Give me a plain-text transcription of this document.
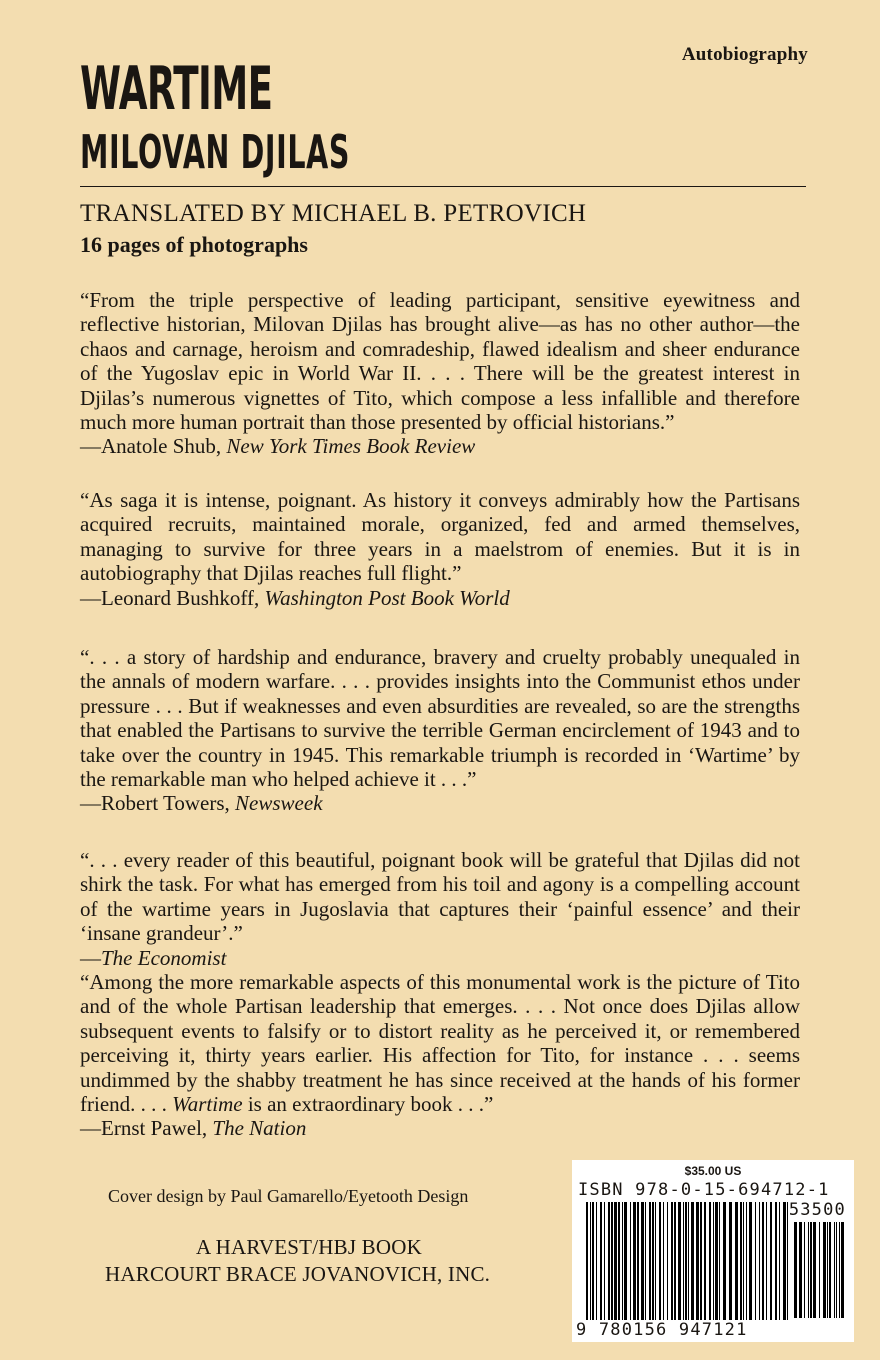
Autobiography
WARTIME
MILOVAN DJILAS
TRANSLATED BY MICHAEL B. PETROVICH
16 pages of photographs
“From the triple perspective of leading participant, sensitive eyewitness and reflective historian, Milovan Djilas has brought alive—as has no other author—the chaos and carnage, heroism and comradeship, flawed idealism and sheer endurance of the Yugoslav epic in World War II. . . . There will be the greatest interest in Djilas’s numerous vignettes of Tito, which compose a less infallible and therefore much more human portrait than those presented by official historians.”
—Anatole Shub, New York Times Book Review
“As saga it is intense, poignant. As history it conveys admirably how the Partisans acquired recruits, maintained morale, organized, fed and armed themselves, managing to survive for three years in a maelstrom of enemies. But it is in autobiography that Djilas reaches full flight.”
—Leonard Bushkoff, Washington Post Book World
“. . . a story of hardship and endurance, bravery and cruelty probably unequaled in the annals of modern warfare. . . . provides insights into the Communist ethos under pressure . . . But if weaknesses and even absurdities are revealed, so are the strengths that enabled the Partisans to survive the terrible German encirclement of 1943 and to take over the country in 1945. This remarkable triumph is recorded in ‘Wartime’ by the remarkable man who helped achieve it . . .”
—Robert Towers, Newsweek
“. . . every reader of this beautiful, poignant book will be grateful that Djilas did not shirk the task. For what has emerged from his toil and agony is a compelling account of the wartime years in Jugoslavia that captures their ‘painful essence’ and their ‘insane grandeur’.”
—The Economist
“Among the more remarkable aspects of this monumental work is the picture of Tito and of the whole Partisan leadership that emerges. . . . Not once does Djilas allow subsequent events to falsify or to distort reality as he perceived it, or remembered perceiving it, thirty years earlier. His affection for Tito, for instance . . . seems undimmed by the shabby treatment he has since received at the hands of his former friend. . . . Wartime is an extraordinary book . . .”
—Ernst Pawel, The Nation
Cover design by Paul Gamarello/Eyetooth Design
A HARVEST/HBJ BOOK
HARCOURT BRACE JOVANOVICH, INC.
$35.00 US
ISBN 978-0-15-694712-1
53500
9 780156 947121
